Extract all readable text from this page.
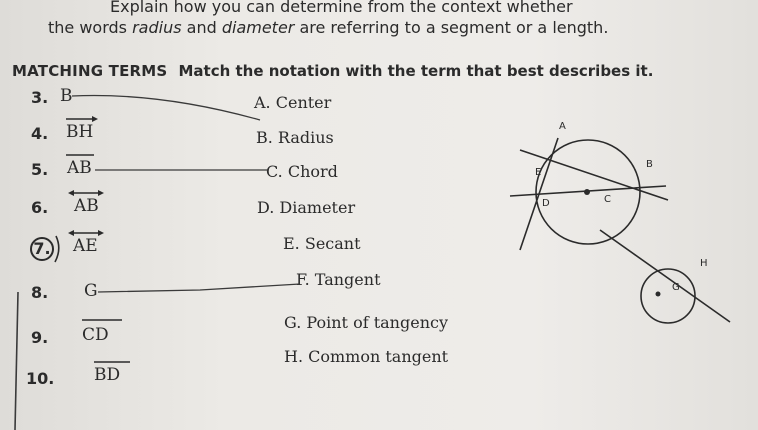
Explain how you can determine from the context whether
the words radius and diameter are referring to a segment or a length.
MATCHING TERMS Match the notation with the term that best describes it.
3.
4.
5.
6.
7.
8.
9.
10.
B
BH
AB
AB
AE
G
CD
BD
A. Center
B. Radius
C. Chord
D. Diameter
E. Secant
F. Tangent
G. Point of tangency
H. Common tangent
A
B
E
D	C
H
G
